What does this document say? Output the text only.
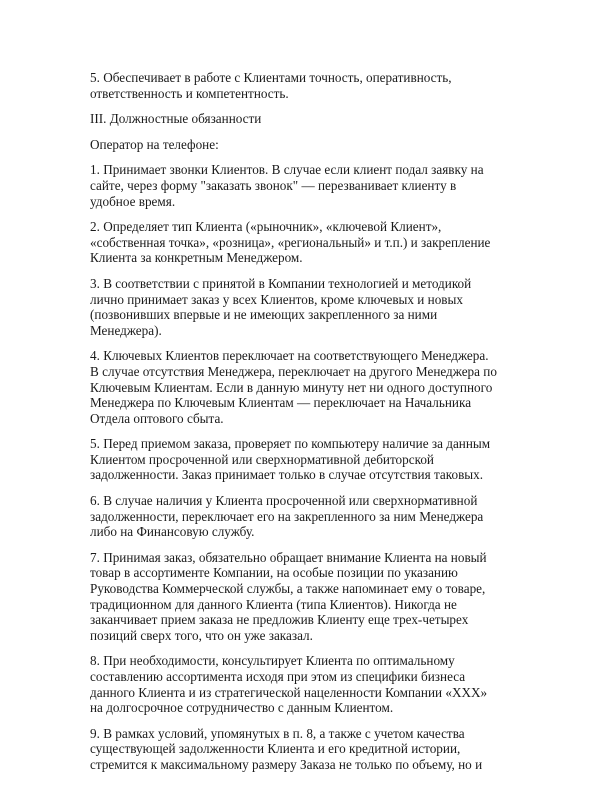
5. Обеспечивает в работе с Клиентами точность, оперативность,
ответственность и компетентность.
III. Должностные обязанности
Оператор на телефоне:
1. Принимает звонки Клиентов. В случае если клиент подал заявку на
сайте, через форму "заказать звонок" — перезванивает клиенту в
удобное время.
2. Определяет тип Клиента («рыночник», «ключевой Клиент»,
«собственная точка», «розница», «региональный» и т.п.) и закрепление
Клиента за конкретным Менеджером.
3. В соответствии с принятой в Компании технологией и методикой
лично принимает заказ у всех Клиентов, кроме ключевых и новых
(позвонивших впервые и не имеющих закрепленного за ними
Менеджера).
4. Ключевых Клиентов переключает на соответствующего Менеджера.
В случае отсутствия Менеджера, переключает на другого Менеджера по
Ключевым Клиентам. Если в данную минуту нет ни одного доступного
Менеджера по Ключевым Клиентам — переключает на Начальника
Отдела оптового сбыта.
5. Перед приемом заказа, проверяет по компьютеру наличие за данным
Клиентом просроченной или сверхнормативной дебиторской
задолженности. Заказ принимает только в случае отсутствия таковых.
6. В случае наличия у Клиента просроченной или сверхнормативной
задолженности, переключает его на закрепленного за ним Менеджера
либо на Финансовую службу.
7. Принимая заказ, обязательно обращает внимание Клиента на новый
товар в ассортименте Компании, на особые позиции по указанию
Руководства Коммерческой службы, а также напоминает ему о товаре,
традиционном для данного Клиента (типа Клиентов). Никогда не
заканчивает прием заказа не предложив Клиенту еще трех-четырех
позиций сверх того, что он уже заказал.
8. При необходимости, консультирует Клиента по оптимальному
составлению ассортимента исходя при этом из специфики бизнеса
данного Клиента и из стратегической нацеленности Компании «ХХХ»
на долгосрочное сотрудничество с данным Клиентом.
9. В рамках условий, упомянутых в п. 8, а также с учетом качества
существующей задолженности Клиента и его кредитной истории,
стремится к максимальному размеру Заказа не только по объему, но и
